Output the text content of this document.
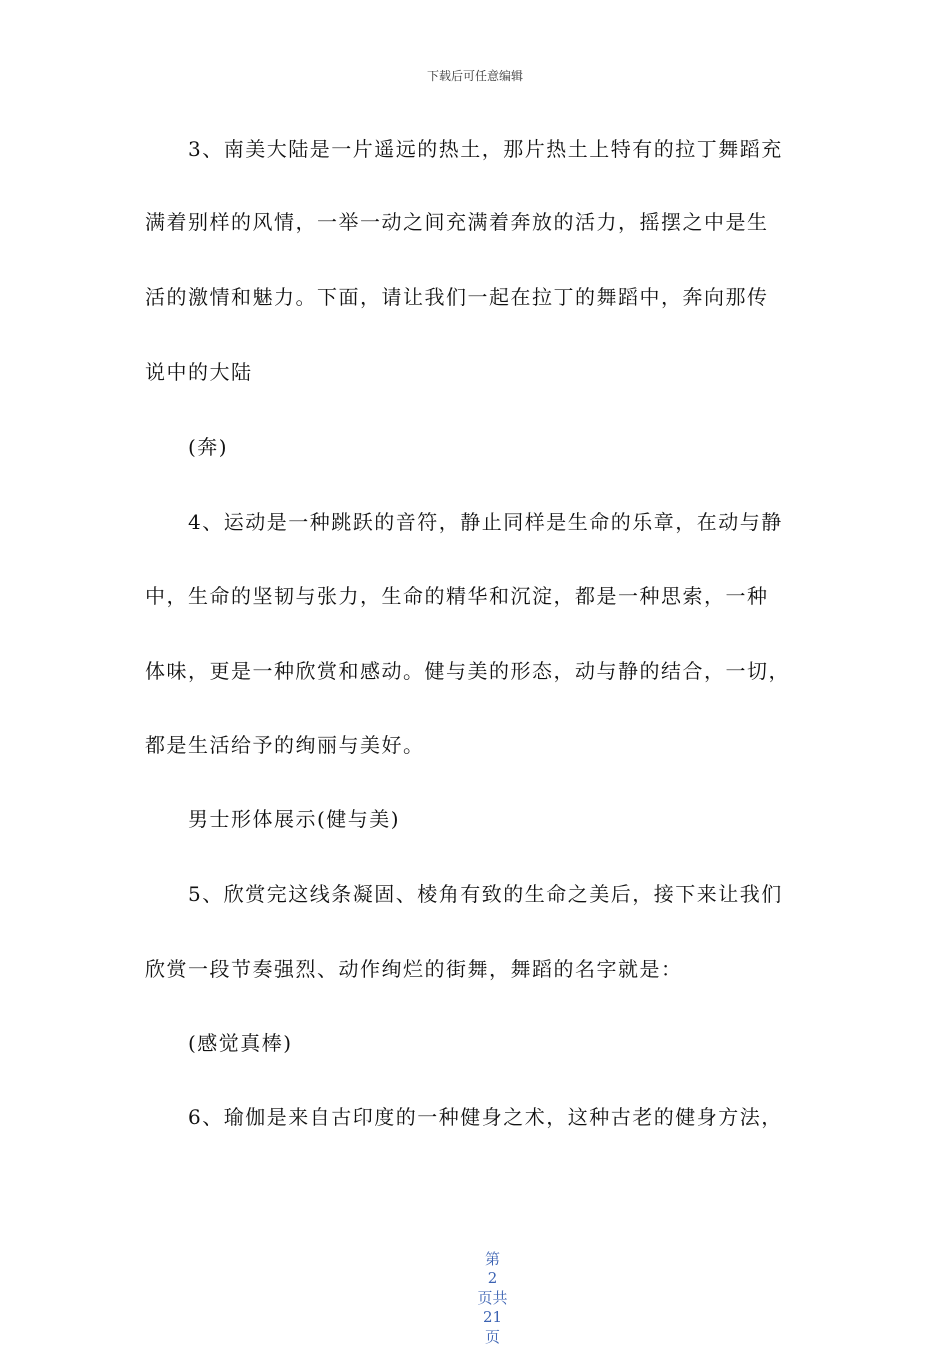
下载后可任意编辑
3、南美大陆是一片遥远的热土，那片热土上特有的拉丁舞蹈充
满着别样的风情，一举一动之间充满着奔放的活力，摇摆之中是生
活的激情和魅力。下面，请让我们一起在拉丁的舞蹈中，奔向那传
说中的大陆
(奔)
4、运动是一种跳跃的音符，静止同样是生命的乐章，在动与静
中，生命的坚韧与张力，生命的精华和沉淀，都是一种思索，一种
体味，更是一种欣赏和感动。健与美的形态，动与静的结合，一切，
都是生活给予的绚丽与美好。
男士形体展示(健与美)
5、欣赏完这线条凝固、棱角有致的生命之美后，接下来让我们
欣赏一段节奏强烈、动作绚烂的街舞，舞蹈的名字就是：
(感觉真棒)
6、瑜伽是来自古印度的一种健身之术，这种古老的健身方法，

第
2
页共
21
页
